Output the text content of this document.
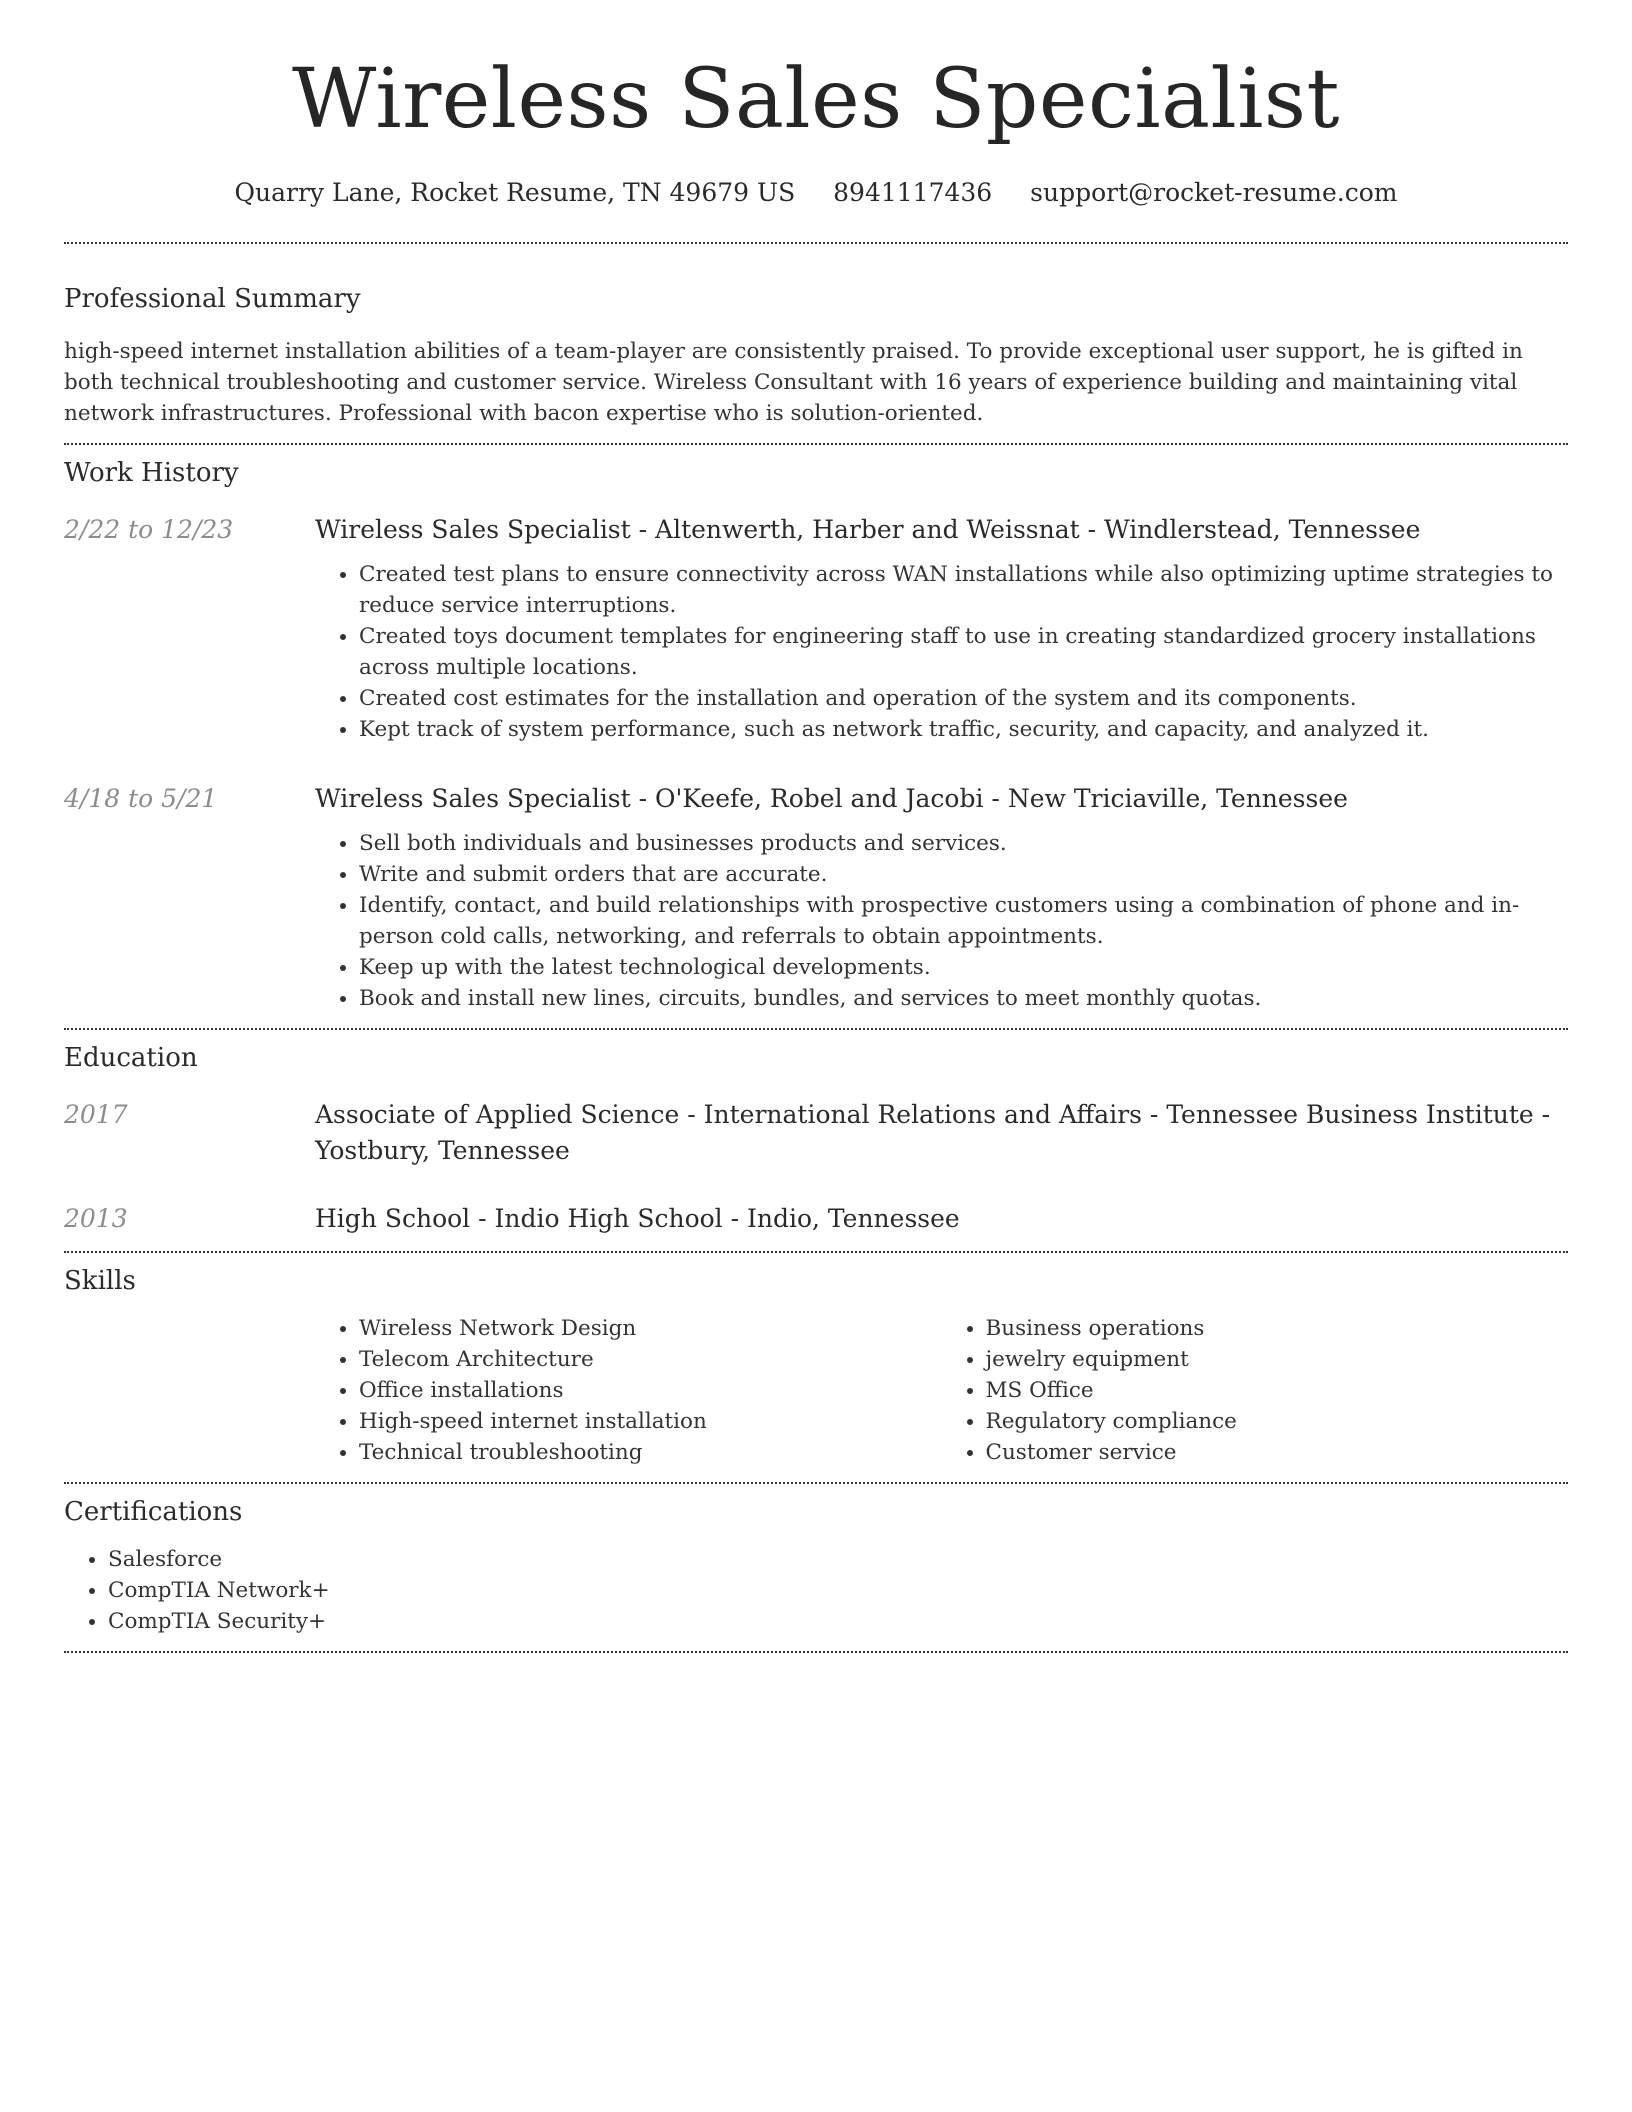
Wireless Sales Specialist
Quarry Lane, Rocket Resume, TN 49679 US 8941117436 support@rocket-resume.com
Professional Summary

high-speed internet installation abilities of a team-player are consistently praised. To provide exceptional user support, he is gifted in both technical troubleshooting and customer service. Wireless Consultant with 16 years of experience building and maintaining vital network infrastructures. Professional with bacon expertise who is solution-oriented.

Work History
2/22 to 12/23	Wireless Sales Specialist - Altenwerth, Harber and Weissnat - Windlerstead, Tennessee
• Created test plans to ensure connectivity across WAN installations while also optimizing uptime strategies to reduce service interruptions.
• Created toys document templates for engineering staff to use in creating standardized grocery installations across multiple locations.
• Created cost estimates for the installation and operation of the system and its components.
• Kept track of system performance, such as network traffic, security, and capacity, and analyzed it.
4/18 to 5/21	Wireless Sales Specialist - O'Keefe, Robel and Jacobi - New Triciaville, Tennessee
• Sell both individuals and businesses products and services.
• Write and submit orders that are accurate.
• Identify, contact, and build relationships with prospective customers using a combination of phone and in-person cold calls, networking, and referrals to obtain appointments.
• Keep up with the latest technological developments.
• Book and install new lines, circuits, bundles, and services to meet monthly quotas.
Education
2017	Associate of Applied Science - International Relations and Affairs - Tennessee Business Institute - Yostbury, Tennessee
2013	High School - Indio High School - Indio, Tennessee
Skills
• Wireless Network Design
• Telecom Architecture
• Office installations
• High-speed internet installation
• Technical troubleshooting
• Business operations
• jewelry equipment
• MS Office
• Regulatory compliance
• Customer service
Certifications
• Salesforce
• CompTIA Network+
• CompTIA Security+
